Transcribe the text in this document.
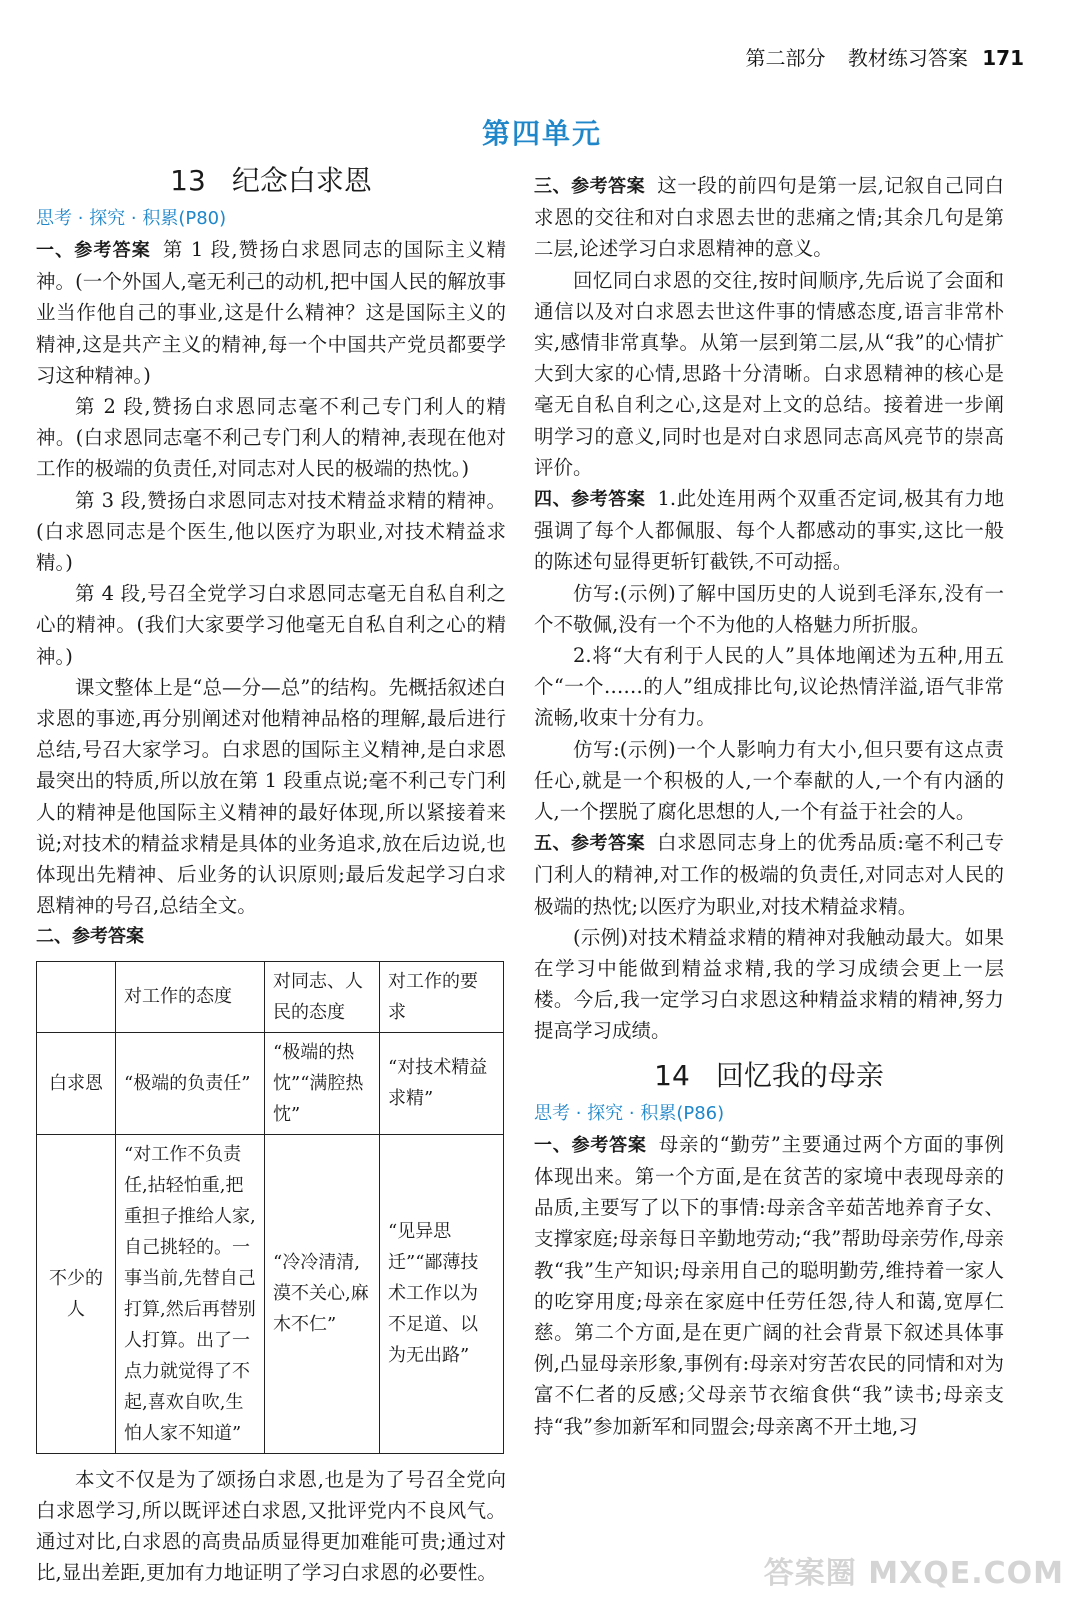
第二部分 教材练习答案 171
第四单元
13 纪念白求恩
思考 · 探究 · 积累(P80)

一、参考答案 第 1 段,赞扬白求恩同志的国际主义精神。(一个外国人,毫无利己的动机,把中国人民的解放事业当作他自己的事业,这是什么精神？这是国际主义的精神,这是共产主义的精神,每一个中国共产党员都要学习这种精神。)

第 2 段,赞扬白求恩同志毫不利己专门利人的精神。(白求恩同志毫不利己专门利人的精神,表现在他对工作的极端的负责任,对同志对人民的极端的热忱。)

第 3 段,赞扬白求恩同志对技术精益求精的精神。(白求恩同志是个医生,他以医疗为职业,对技术精益求精。)

第 4 段,号召全党学习白求恩同志毫无自私自利之心的精神。(我们大家要学习他毫无自私自利之心的精神。)

课文整体上是“总—分—总”的结构。先概括叙述白求恩的事迹,再分别阐述对他精神品格的理解,最后进行总结,号召大家学习。白求恩的国际主义精神,是白求恩最突出的特质,所以放在第 1 段重点说;毫不利己专门利人的精神是他国际主义精神的最好体现,所以紧接着来说;对技术的精益求精是具体的业务追求,放在后边说,也体现出先精神、后业务的认识原则;最后发起学习白求恩精神的号召,总结全文。

二、参考答案
	对工作的态度	对同志、人民的态度	对工作的要求
白求恩	“极端的负责任”	“极端的热忱”“满腔热忱”	“对技术精益求精”
不少的人	“对工作不负责任,拈轻怕重,把重担子推给人家,自己挑轻的。一事当前,先替自己打算,然后再替别人打算。出了一点力就觉得了不起,喜欢自吹,生怕人家不知道”	“冷冷清清,漠不关心,麻木不仁”	“见异思迁”“鄙薄技术工作以为不足道、以为无出路”

本文不仅是为了颂扬白求恩,也是为了号召全党向白求恩学习,所以既评述白求恩,又批评党内不良风气。通过对比,白求恩的高贵品质显得更加难能可贵;通过对比,显出差距,更加有力地证明了学习白求恩的必要性。

三、参考答案 这一段的前四句是第一层,记叙自己同白求恩的交往和对白求恩去世的悲痛之情;其余几句是第二层,论述学习白求恩精神的意义。

回忆同白求恩的交往,按时间顺序,先后说了会面和通信以及对白求恩去世这件事的情感态度,语言非常朴实,感情非常真挚。从第一层到第二层,从“我”的心情扩大到大家的心情,思路十分清晰。白求恩精神的核心是毫无自私自利之心,这是对上文的总结。接着进一步阐明学习的意义,同时也是对白求恩同志高风亮节的崇高评价。

四、参考答案 1.此处连用两个双重否定词,极其有力地强调了每个人都佩服、每个人都感动的事实,这比一般的陈述句显得更斩钉截铁,不可动摇。

仿写:(示例)了解中国历史的人说到毛泽东,没有一个不敬佩,没有一个不为他的人格魅力所折服。

2.将“大有利于人民的人”具体地阐述为五种,用五个“一个……的人”组成排比句,议论热情洋溢,语气非常流畅,收束十分有力。

仿写:(示例)一个人影响力有大小,但只要有这点责任心,就是一个积极的人,一个奉献的人,一个有内涵的人,一个摆脱了腐化思想的人,一个有益于社会的人。

五、参考答案 白求恩同志身上的优秀品质:毫不利己专门利人的精神,对工作的极端的负责任,对同志对人民的极端的热忱;以医疗为职业,对技术精益求精。

(示例)对技术精益求精的精神对我触动最大。如果在学习中能做到精益求精,我的学习成绩会更上一层楼。今后,我一定学习白求恩这种精益求精的精神,努力提高学习成绩。

14 回忆我的母亲
思考 · 探究 · 积累(P86)

一、参考答案 母亲的“勤劳”主要通过两个方面的事例体现出来。第一个方面,是在贫苦的家境中表现母亲的品质,主要写了以下的事情:母亲含辛茹苦地养育子女、支撑家庭;母亲每日辛勤地劳动;“我”帮助母亲劳作,母亲教“我”生产知识;母亲用自己的聪明勤劳,维持着一家人的吃穿用度;母亲在家庭中任劳任怨,待人和蔼,宽厚仁慈。第二个方面,是在更广阔的社会背景下叙述具体事例,凸显母亲形象,事例有:母亲对穷苦农民的同情和对为富不仁者的反感;父母亲节衣缩食供“我”读书;母亲支持“我”参加新军和同盟会;母亲离不开土地,习

答案圈 MXQE.COM
